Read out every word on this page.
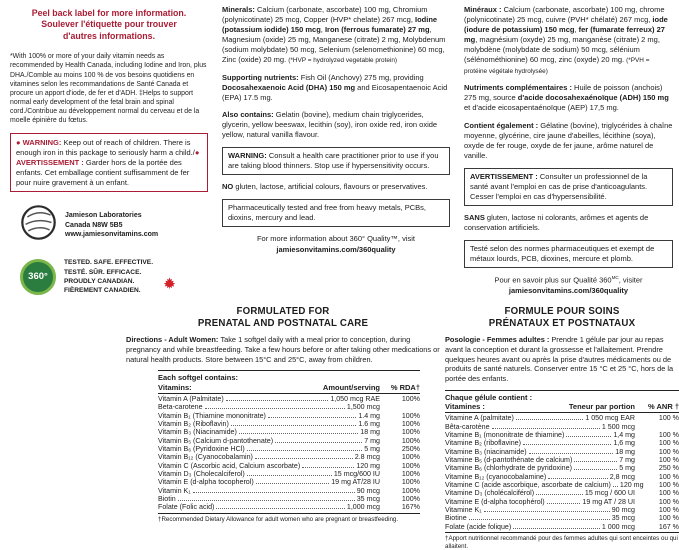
Peel back label for more information.
Soulever l'étiquette pour trouver
d'autres informations.

*With 100% or more of your daily vitamin needs as recommended by Health Canada, including Iodine and Iron, plus DHA./Comble au moins 100 % de vos besoins quotidiens en vitamines selon les recommandations de Santé Canada et procure un apport d'iode, de fer et d'ADH. ‡Helps to support normal early development of the fetal brain and spinal cord./Contribue au développement normal du cerveau et de la moelle épinière du fœtus.

● WARNING: Keep out of reach of children. There is enough iron in this package to seriously harm a child./● AVERTISSEMENT : Garder hors de la portée des enfants. Cet emballage contient suffisamment de fer pour nuire gravement à un enfant.
Jamieson Laboratories
Canada N8W 5B5
www.jamiesonvitamins.com
360°
TESTED. SAFE. EFFECTIVE.
TESTÉ. SÛR. EFFICACE.
PROUDLY CANADIAN.
FIÈREMENT CANADIEN.

Minerals: Calcium (carbonate, ascorbate) 100 mg, Chromium (polynicotinate) 25 mcg, Copper (HVP* chelate) 267 mcg, Iodine (potassium iodide) 150 mcg, Iron (ferrous fumarate) 27 mg, Magnesium (oxide) 25 mg, Manganese (citrate) 2 mg, Molybdenum (sodium molybdate) 50 mcg, Selenium (selenomethionine) 60 mcg, Zinc (oxide) 20 mg. (*HVP = hydrolyzed vegetable protein)

Supporting nutrients: Fish Oil (Anchovy) 275 mg, providing Docosahexaenoic Acid (DHA) 150 mg and Eicosapentaenoic Acid (EPA) 17.5 mg.

Also contains: Gelatin (bovine), medium chain triglycerides, glycerin, yellow beeswax, lecithin (soy), iron oxide red, iron oxide yellow, natural vanilla flavour.

WARNING: Consult a health care practitioner prior to use if you are taking blood thinners. Stop use if hypersensitivity occurs.

NO gluten, lactose, artificial colours, flavours or preservatives.

Pharmaceutically tested and free from heavy metals, PCBs, dioxins, mercury and lead.
For more information about 360° Quality™, visit
jamiesonvitamins.com/360quality

Minéraux : Calcium (carbonate, ascorbate) 100 mg, chrome (polynicotinate) 25 mcg, cuivre (PVH* chélaté) 267 mcg, iode (iodure de potassium) 150 mcg, fer (fumarate ferreux) 27 mg, magnésium (oxyde) 25 mg, manganèse (citrate) 2 mg, molybdène (molybdate de sodium) 50 mcg, sélénium (sélénométhionine) 60 mcg, zinc (oxyde) 20 mg. (*PVH = protéine végétale hydrolysée)

Nutriments complémentaires : Huile de poisson (anchois) 275 mg, source d'acide docosahexaénoïque (ADH) 150 mg et d'acide eicosapentaénoïque (AEP) 17,5 mg.

Contient également : Gélatine (bovine), triglycérides à chaîne moyenne, glycérine, cire jaune d'abeilles, lécithine (soya), oxyde de fer rouge, oxyde de fer jaune, arôme naturel de vanille.

AVERTISSEMENT : Consulter un professionnel de la santé avant l'emploi en cas de prise d'anticoagulants. Cesser l'emploi en cas d'hypersensibilité.

SANS gluten, lactose ni colorants, arômes et agents de conservation artificiels.

Testé selon des normes pharmaceutiques et exempt de métaux lourds, PCB, dioxines, mercure et plomb.
Pour en savoir plus sur Qualité $360^{MC}$, visiter
jamiesonvitamins.com/360quality
FORMULATED FOR
PRENATAL AND POSTNATAL CARE

Directions - Adult Women: Take 1 softgel daily with a meal prior to conception, during pregnancy and while breastfeeding. Take a few hours before or after taking other medications or natural health products. Store between 15°C and 25°C, away from children.

Each softgel contains:
Vitamins:	Amount/serving	% RDA†
Vitamin A (Palmitate)	1,050 mcg RAE	100%
Beta-carotene	1,500 mcg
Vitamin B₁ (Thiamine mononitrate)	1.4 mg	100%
Vitamin B₂ (Riboflavin)	1.6 mg	100%
Vitamin B₃ (Niacinamide)	18 mg	100%
Vitamin B₅ (Calcium d-pantothenate)	7 mg	100%
Vitamin B₆ (Pyridoxine HCl)	5 mg	250%
Vitamin B₁₂ (Cyanocobalamin)	2.8 mcg	100%
Vitamin C (Ascorbic acid, Calcium ascorbate)	120 mg	100%
Vitamin D₃ (Cholecalciferol)	15 mcg/600 IU	100%
Vitamin E (d-alpha tocopherol)	19 mg AT/28 IU	100%
Vitamin K₁	90 mcg	100%
Biotin	35 mcg	100%
Folate (Folic acid)	1,000 mcg	167%
†Recommended Dietary Allowance for adult women who are pregnant or breastfeeding.
FORMULE POUR SOINS
PRÉNATAUX ET POSTNATAUX

Posologie - Femmes adultes : Prendre 1 gélule par jour au repas avant la conception et durant la grossesse et l'allaitement. Prendre quelques heures avant ou après la prise d'autres médicaments ou de produits de santé naturels. Conserver entre 15 °C et 25 °C, hors de la portée des enfants.

Chaque gélule contient :
Vitamines :	Teneur par portion	% ANR †
Vitamine A (palmitate)	1 050 mcg EAR	100 %
Bêta-carotène	1 500 mcg
Vitamine B₁ (mononitrate de thiamine)	1,4 mg	100 %
Vitamine B₂ (riboflavine)	1,6 mg	100 %
Vitamine B₃ (niacinamide)	18 mg	100 %
Vitamine B₅ (d-pantothénate de calcium)	7 mg	100 %
Vitamine B₆ (chlorhydrate de pyridoxine)	5 mg	250 %
Vitamine B₁₂ (cyanocobalamine)	2,8 mcg	100 %
Vitamine C (acide ascorbique, ascorbate de calcium) 120 mg	100 %
Vitamine D₃ (cholécalciférol)	15 mcg / 600 UI	100 %
Vitamine E (d-alpha tocophérol)	19 mg AT / 28 UI	100 %
Vitamine K₁	90 mcg	100 %
Biotine	35 mcg	100 %
Folate (acide folique)	1 000 mcg	167 %
†Apport nutritionnel recommandé pour des femmes adultes qui sont enceintes ou qui allaitent.
